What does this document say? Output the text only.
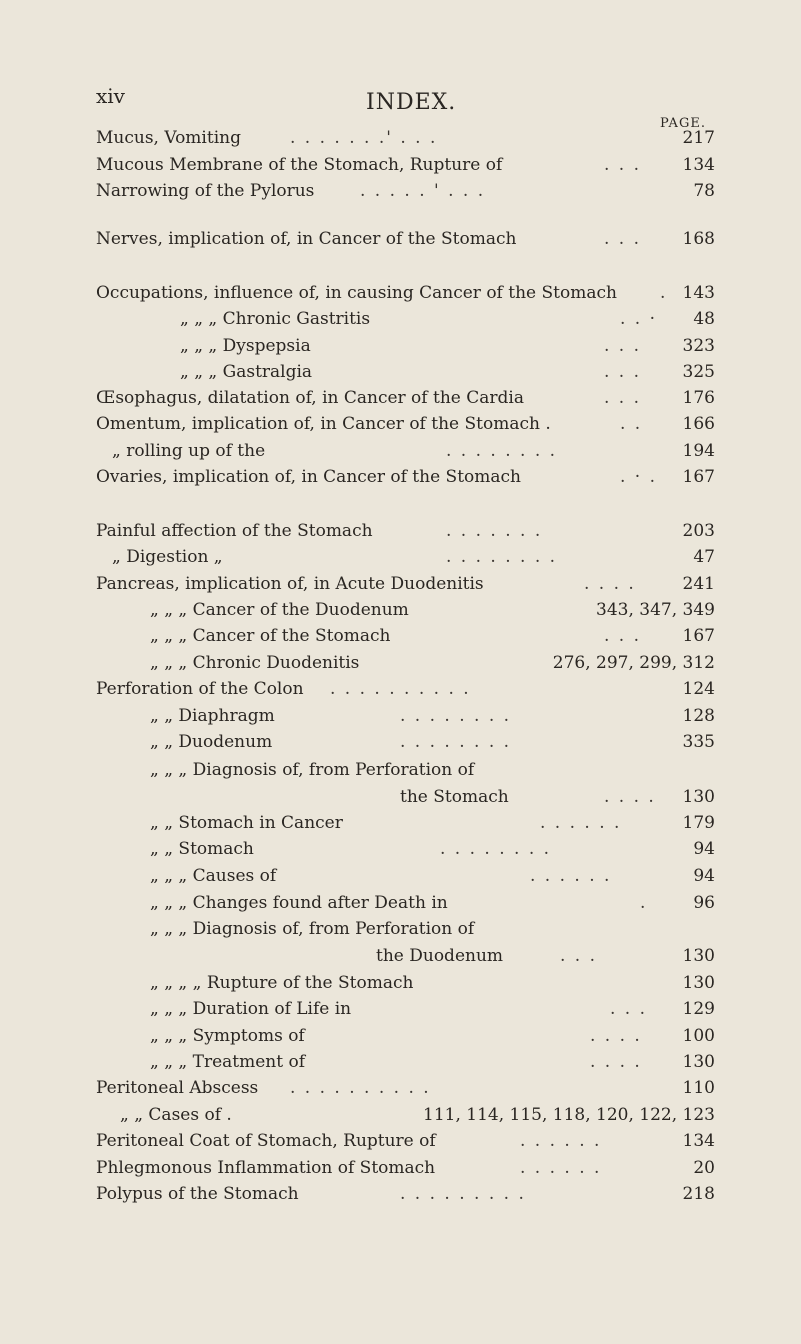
xiv	INDEX.
PAGE.
Mucus, Vomiting	. . . . . . .' . . .	217
Mucous Membrane of the Stomach, Rupture of	. . . 134
Narrowing of the Pylorus	. . . . . ' . . .	78
Nerves, implication of, in Cancer of the Stomach	. . . 168
Occupations, influence of, in causing Cancer of the Stomach	. 143
„ „ „ Chronic Gastritis	. . · 48
„ „ „ Dyspepsia	. . . 323
„ „ „ Gastralgia	. . . 325
Œsophagus, dilatation of, in Cancer of the Cardia	. . . 176
Omentum, implication of, in Cancer of the Stomach .	. . 166
„ rolling up of the	. . . . . . . .	194
Ovaries, implication of, in Cancer of the Stomach	. · . 167
Painful affection of the Stomach	. . . . . . .	203
„ Digestion „	. . . . . . . .	47
Pancreas, implication of, in Acute Duodenitis	. . . .	241
„ „ „ Cancer of the Duodenum	343, 347, 349
„ „ „ Cancer of the Stomach	. . . 167
„ „ „ Chronic Duodenitis	276, 297, 299, 312
Perforation of the Colon . . . . . . . . . .	124
„ „ Diaphragm	. . . . . . . .	128
„ „ Duodenum	. . . . . . . .	335
„ „ „ Diagnosis of, from Perforation of
the Stomach	. . . . 130
„ „ Stomach in Cancer	. . . . . .	179
„ „ Stomach	. . . . . . . .	94
„ „ „ Causes of	. . . . . .	94
„ „ „ Changes found after Death in	.	96
„ „ „ Diagnosis of, from Perforation of
the Duodenum	. . .	130
„ „ „ „ Rupture of the Stomach	130
„ „ „ Duration of Life in	. . . 129
„ „ „ Symptoms of	. . . . 100
„ „ „ Treatment of	. . . . 130
Peritoneal Abscess . . . . . . . . . .	110
„ „ Cases of .	111, 114, 115, 118, 120, 122, 123
Peritoneal Coat of Stomach, Rupture of	. . . . . .	134
Phlegmonous Inflammation of Stomach	. . . . . .	20
Polypus of the Stomach	. . . . . . . . .	218
